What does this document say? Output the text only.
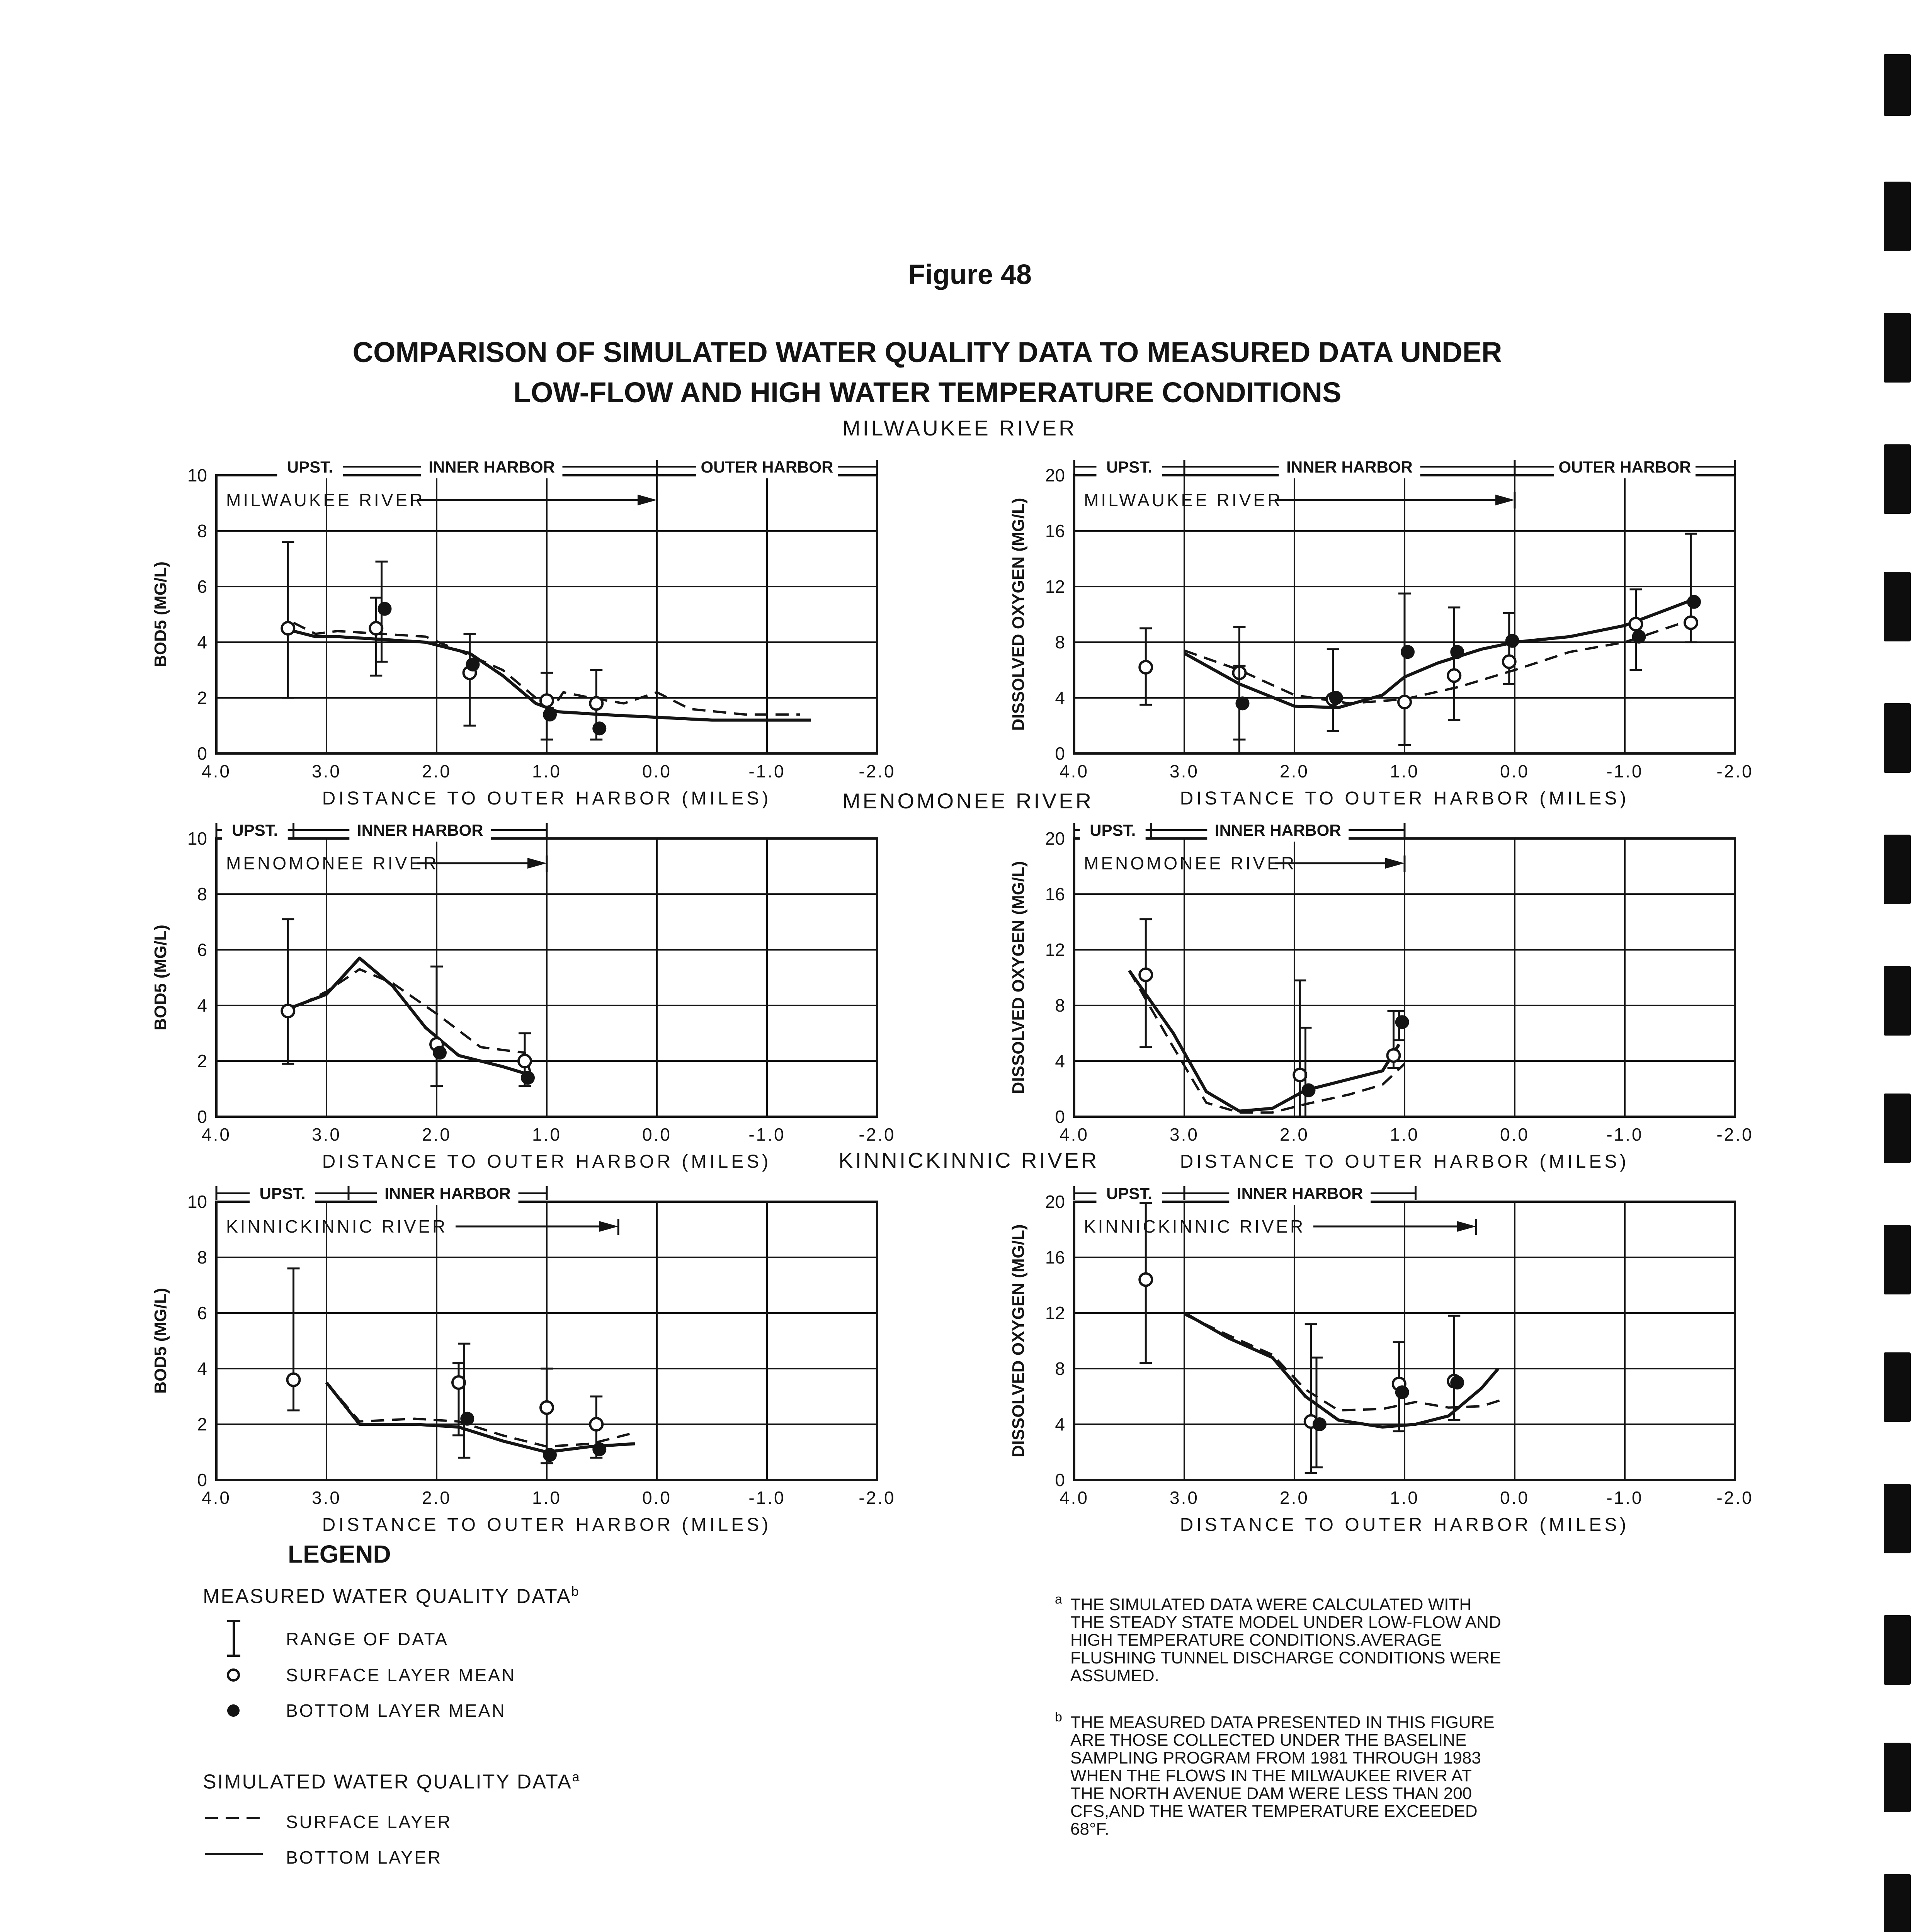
Figure 48
COMPARISON OF SIMULATED WATER QUALITY DATA TO MEASURED DATA UNDER LOW-FLOW AND HIGH WATER TEMPERATURE CONDITIONS
MILWAUKEE RIVER
MENOMONEE RIVER
KINNICKINNIC RIVER
4.0	3.0	2.0	1.0	0.0	-1.0	-2.0
0
2
4
6
8
10
DISTANCE TO OUTER HARBOR (MILES)
BOD5 (MG/L)
MILWAUKEE RIVER
UPST.	INNER HARBOR	OUTER HARBOR
4.0	3.0	2.0	1.0	0.0	-1.0	-2.0
0
4
8
12
16
20
DISTANCE TO OUTER HARBOR (MILES)
DISSOLVED OXYGEN (MG/L)	MILWAUKEE RIVER
UPST.	INNER HARBOR	OUTER HARBOR
4.0	3.0	2.0	1.0	0.0	-1.0	-2.0
0
2
4
6
8
10
DISTANCE TO OUTER HARBOR (MILES)
BOD5 (MG/L)
MENOMONEE RIVER
UPST.	INNER HARBOR
4.0	3.0	2.0	1.0	0.0	-1.0	-2.0
0
4
8
12
16
20
DISTANCE TO OUTER HARBOR (MILES)
DISSOLVED OXYGEN (MG/L)	MENOMONEE RIVER
UPST.	INNER HARBOR
4.0	3.0	2.0	1.0	0.0	-1.0	-2.0
0
2
4
6
8
10
DISTANCE TO OUTER HARBOR (MILES)
BOD5 (MG/L)
KINNICKINNIC RIVER
UPST.	INNER HARBOR
4.0	3.0	2.0	1.0	0.0	-1.0	-2.0
0
4
8
12
16
20
DISTANCE TO OUTER HARBOR (MILES)
DISSOLVED OXYGEN (MG/L)	KINNICKINNIC RIVER
UPST.	INNER HARBOR
LEGEND
MEASURED WATER QUALITY DATA$^b$
RANGE OF DATA
SURFACE LAYER MEAN
BOTTOM LAYER MEAN
SIMULATED WATER QUALITY DATA$^a$
SURFACE LAYER
BOTTOM LAYER
a THE SIMULATED DATA WERE CALCULATED WITH THE STEADY STATE MODEL UNDER LOW-FLOW AND HIGH TEMPERATURE CONDITIONS.AVERAGE FLUSHING TUNNEL DISCHARGE CONDITIONS WERE ASSUMED.
b THE MEASURED DATA PRESENTED IN THIS FIGURE ARE THOSE COLLECTED UNDER THE BASELINE SAMPLING PROGRAM FROM 1981 THROUGH 1983 WHEN THE FLOWS IN THE MILWAUKEE RIVER AT THE NORTH AVENUE DAM WERE LESS THAN 200 CFS,AND THE WATER TEMPERATURE EXCEEDED 68°F.
